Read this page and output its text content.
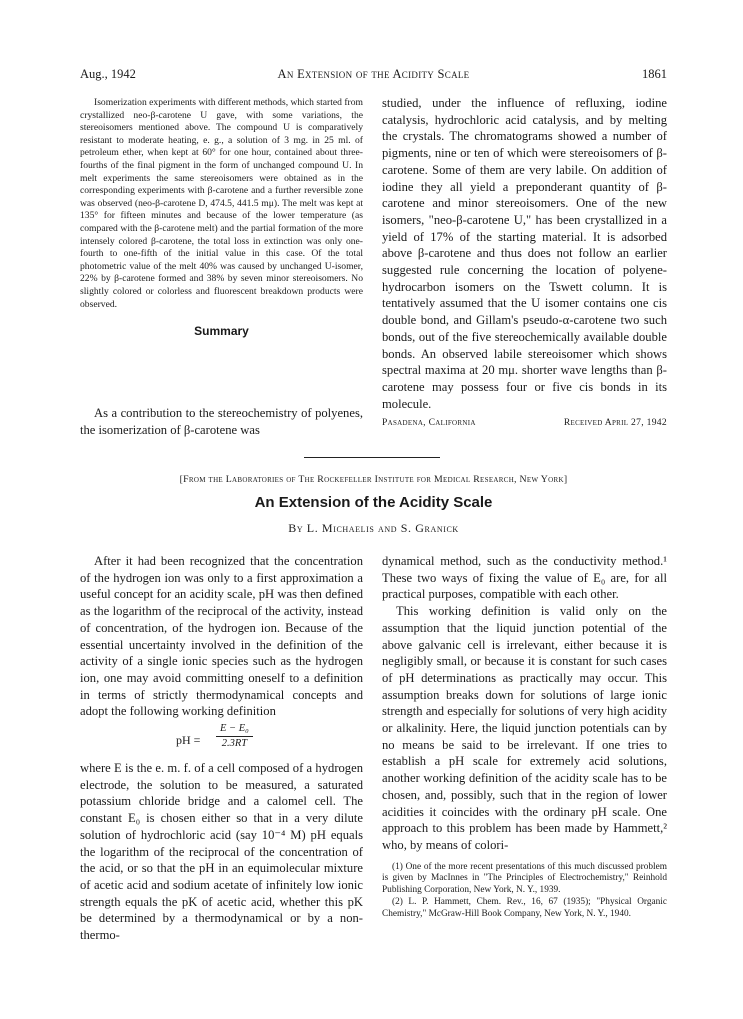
Aug., 1942	An Extension of the Acidity Scale	1861

Isomerization experiments with different methods, which started from crystallized neo-β-carotene U gave, with some variations, the stereoisomers mentioned above. The compound U is comparatively resistant to moderate heating, e. g., a solution of 3 mg. in 25 ml. of petroleum ether, when kept at 60° for one hour, contained about three-fourths of the final pigment in the form of unchanged compound U. In melt experiments the same stereoisomers were obtained as in the corresponding experiments with β-carotene and a further reversible zone was observed (neo-β-carotene D, 474.5, 441.5 mμ). The melt was kept at 135° for fifteen minutes and because of the lower temperature (as compared with the β-carotene melt) and the partial formation of the more intensely colored β-carotene, the total loss in extinction was only one-fourth to one-fifth of the initial value in this case. Of the total photometric value of the melt 40% was caused by unchanged U-isomer, 22% by β-carotene formed and 38% by seven minor stereoisomers. No slightly colored or colorless and fluorescent breakdown products were observed.

Summary

As a contribution to the stereochemistry of polyenes, the isomerization of β-carotene was

studied, under the influence of refluxing, iodine catalysis, hydrochloric acid catalysis, and by melting the crystals. The chromatograms showed a number of pigments, nine or ten of which were stereoisomers of β-carotene. Some of them are very labile. On addition of iodine they all yield a preponderant quantity of β-carotene and minor stereoisomers. One of the new isomers, "neo-β-carotene U," has been crystallized in a yield of 17% of the starting material. It is adsorbed above β-carotene and thus does not follow an earlier suggested rule concerning the location of polyene-hydrocarbon isomers on the Tswett column. It is tentatively assumed that the U isomer contains one cis double bond, and Gillam's pseudo-α-carotene two such bonds, out of the five stereochemically available double bonds. An observed labile stereoisomer which shows spectral maxima at 20 mμ. shorter wave lengths than β-carotene may possess four or five cis bonds in its molecule.

Pasadena, California	Received April 27, 1942
[From the Laboratories of The Rockefeller Institute for Medical Research, New York]
An Extension of the Acidity Scale
By L. Michaelis and S. Granick

After it had been recognized that the concentration of the hydrogen ion was only to a first approximation a useful concept for an acidity scale, pH was then defined as the logarithm of the reciprocal of the activity, instead of concentration, of the hydrogen ion. Because of the essential uncertainty involved in the definition of the activity of a single ionic species such as the hydrogen ion, one may avoid committing oneself to a definition in terms of strictly thermodynamical concepts and adopt the following working definition

pH = $\frac{\text{E − E₀}}{2.3RT}$

where E is the e. m. f. of a cell composed of a hydrogen electrode, the solution to be measured, a saturated potassium chloride bridge and a calomel cell. The constant E₀ is chosen either so that in a very dilute solution of hydrochloric acid (say 10⁻⁴ M) pH equals the logarithm of the reciprocal of the concentration of the acid, or so that the pH in an equimolecular mixture of acetic acid and sodium acetate of infinitely low ionic strength equals the pK of acetic acid, whether this pK be determined by a thermodynamical or by a non-thermo-

dynamical method, such as the conductivity method.¹ These two ways of fixing the value of E₀ are, for all practical purposes, compatible with each other.

This working definition is valid only on the assumption that the liquid junction potential of the above galvanic cell is irrelevant, either because it is negligibly small, or because it is constant for such cases of pH determinations as practically may occur. This assumption breaks down for solutions of large ionic strength and especially for solutions of very high acidity or alkalinity. Here, the liquid junction potentials can by no means be said to be irrelevant. If one tries to establish a pH scale for extremely acid solutions, another working definition of the acidity scale has to be chosen, and, possibly, such that in the region of lower acidities it coincides with the ordinary pH scale. One approach to this problem has been made by Hammett,² who, by means of colori-

(1) One of the more recent presentations of this much discussed problem is given by MacInnes in "The Principles of Electrochemistry," Reinhold Publishing Corporation, New York, N. Y., 1939.

(2) L. P. Hammett, Chem. Rev., 16, 67 (1935); "Physical Organic Chemistry," McGraw-Hill Book Company, New York, N. Y., 1940.
